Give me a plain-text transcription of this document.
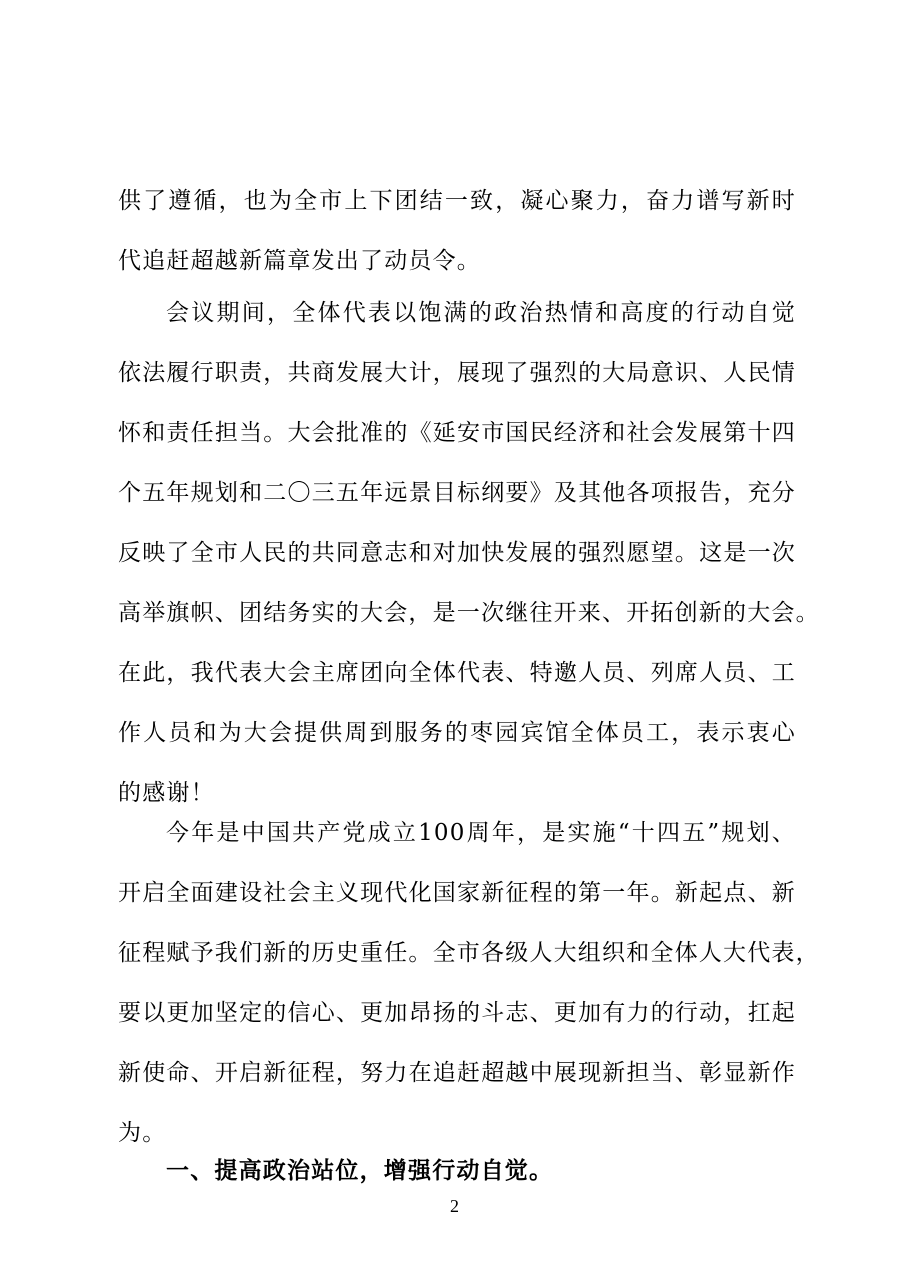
供了遵循，也为全市上下团结一致，凝心聚力，奋力谱写新时
代追赶超越新篇章发出了动员令。
会议期间，全体代表以饱满的政治热情和高度的行动自觉
依法履行职责，共商发展大计，展现了强烈的大局意识、人民情
怀和责任担当。大会批准的《延安市国民经济和社会发展第十四
个五年规划和二〇三五年远景目标纲要》及其他各项报告，充分
反映了全市人民的共同意志和对加快发展的强烈愿望。这是一次
高举旗帜、团结务实的大会，是一次继往开来、开拓创新的大会。
在此，我代表大会主席团向全体代表、特邀人员、列席人员、工
作人员和为大会提供周到服务的枣园宾馆全体员工，表示衷心
的感谢！
今年是中国共产党成立100周年，是实施“十四五”规划、
开启全面建设社会主义现代化国家新征程的第一年。新起点、新
征程赋予我们新的历史重任。全市各级人大组织和全体人大代表，
要以更加坚定的信心、更加昂扬的斗志、更加有力的行动，扛起
新使命、开启新征程，努力在追赶超越中展现新担当、彰显新作
为。
一、提高政治站位，增强行动自觉。
2
